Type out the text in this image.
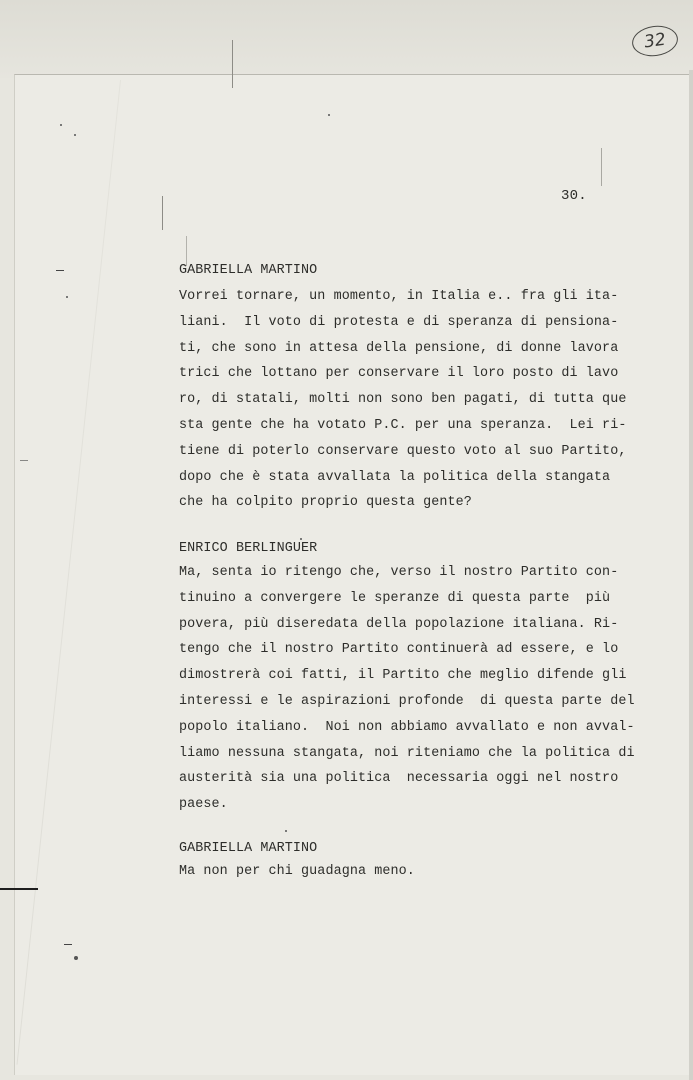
32
30.
GABRIELLA MARTINO
Vorrei tornare, un momento, in Italia e.. fra gli ita-
liani.  Il voto di protesta e di speranza di pensiona-
ti, che sono in attesa della pensione, di donne lavora
trici che lottano per conservare il loro posto di lavo
ro, di statali, molti non sono ben pagati, di tutta que
sta gente che ha votato P.C. per una speranza.  Lei ri-
tiene di poterlo conservare questo voto al suo Partito,
dopo che è stata avvallata la politica della stangata
che ha colpito proprio questa gente?
ENRICO BERLINGUER
Ma, senta io ritengo che, verso il nostro Partito con-
tinuino a convergere le speranze di questa parte  più
povera, più diseredata della popolazione italiana. Ri-
tengo che il nostro Partito continuerà ad essere, e lo
dimostrerà coi fatti, il Partito che meglio difende gli
interessi e le aspirazioni profonde  di questa parte del
popolo italiano.  Noi non abbiamo avvallato e non avval-
liamo nessuna stangata, noi riteniamo che la politica di
austerità sia una politica  necessaria oggi nel nostro
paese.
GABRIELLA MARTINO
Ma non per chi guadagna meno.
